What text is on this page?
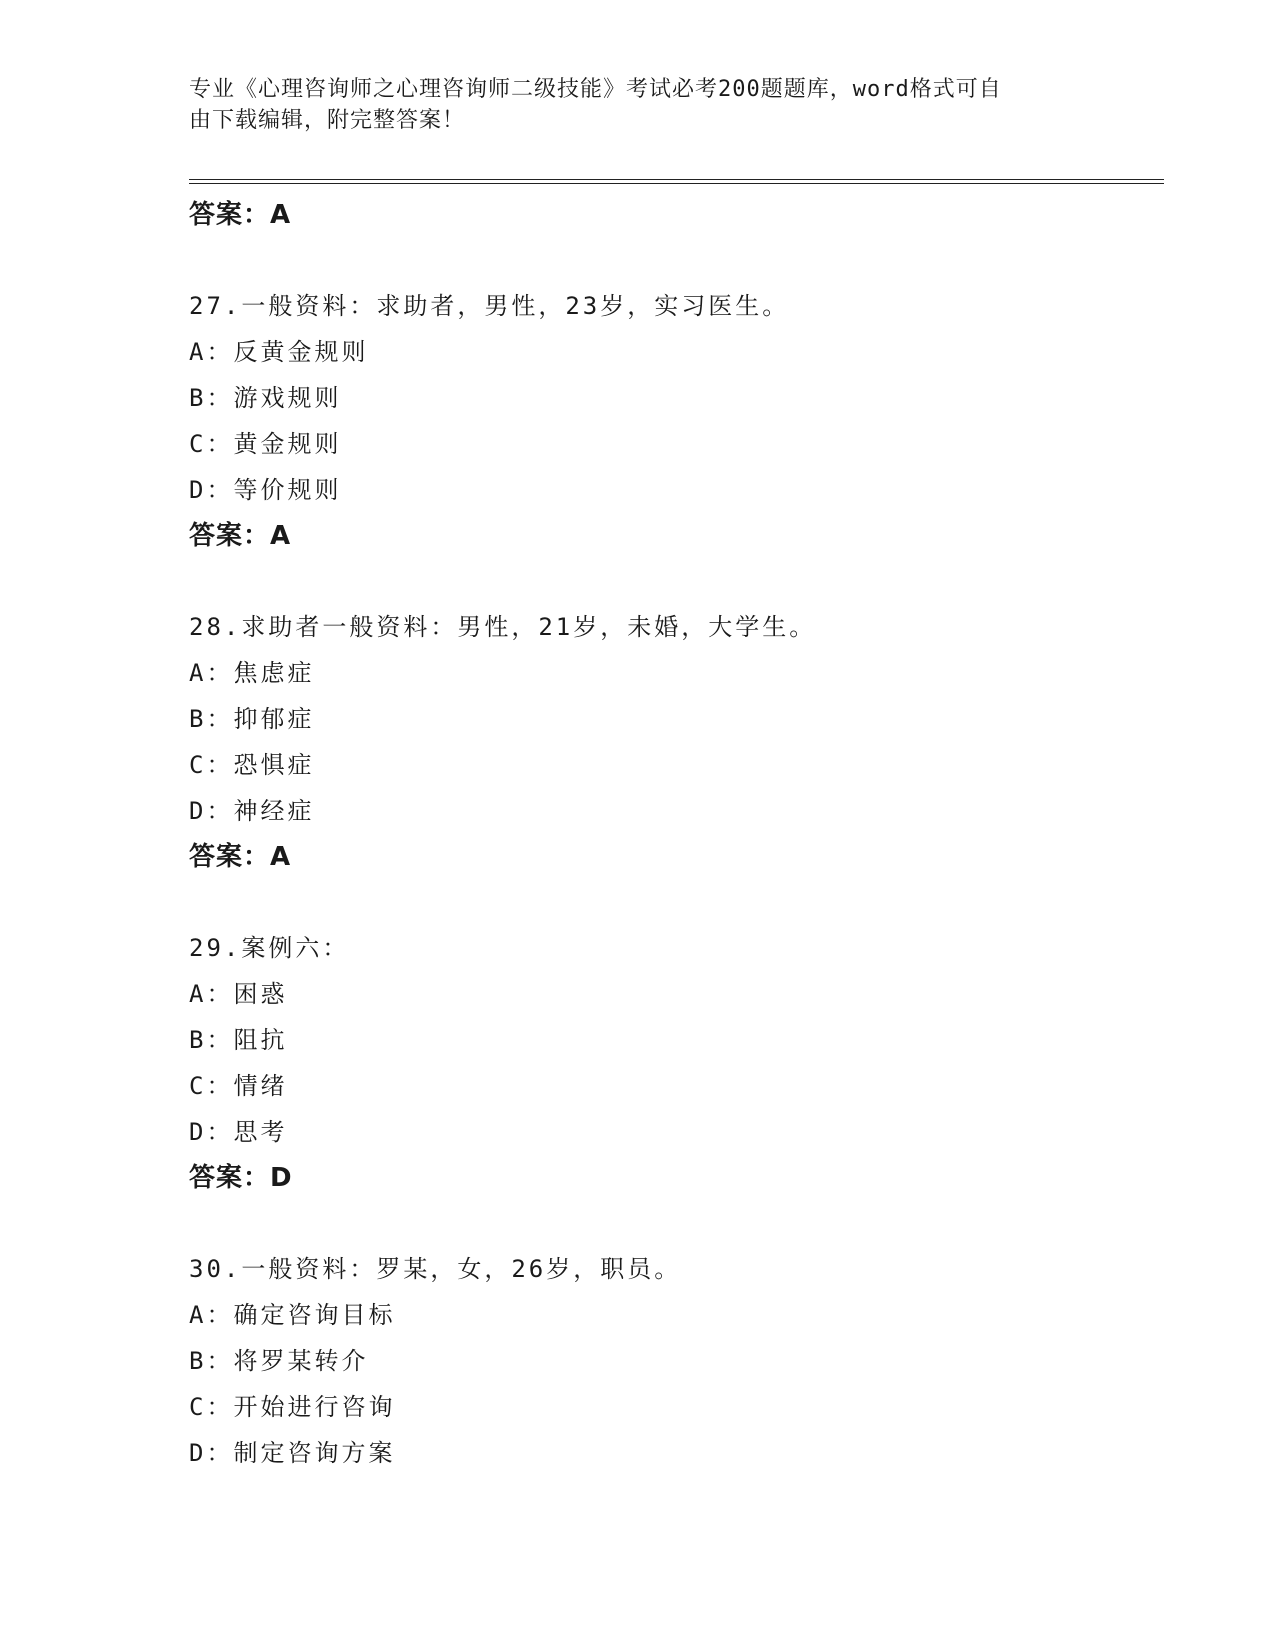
专业《心理咨询师之心理咨询师二级技能》考试必考200题题库，word格式可自
由下载编辑，附完整答案！
答案：A
27.一般资料：求助者，男性，23岁，实习医生。
A：反黄金规则
B：游戏规则
C：黄金规则
D：等价规则
答案：A
28.求助者一般资料：男性，21岁，未婚，大学生。
A：焦虑症
B：抑郁症
C：恐惧症
D：神经症
答案：A
29.案例六：
A：困惑
B：阻抗
C：情绪
D：思考
答案：D
30.一般资料：罗某，女，26岁，职员。
A：确定咨询目标
B：将罗某转介
C：开始进行咨询
D：制定咨询方案
